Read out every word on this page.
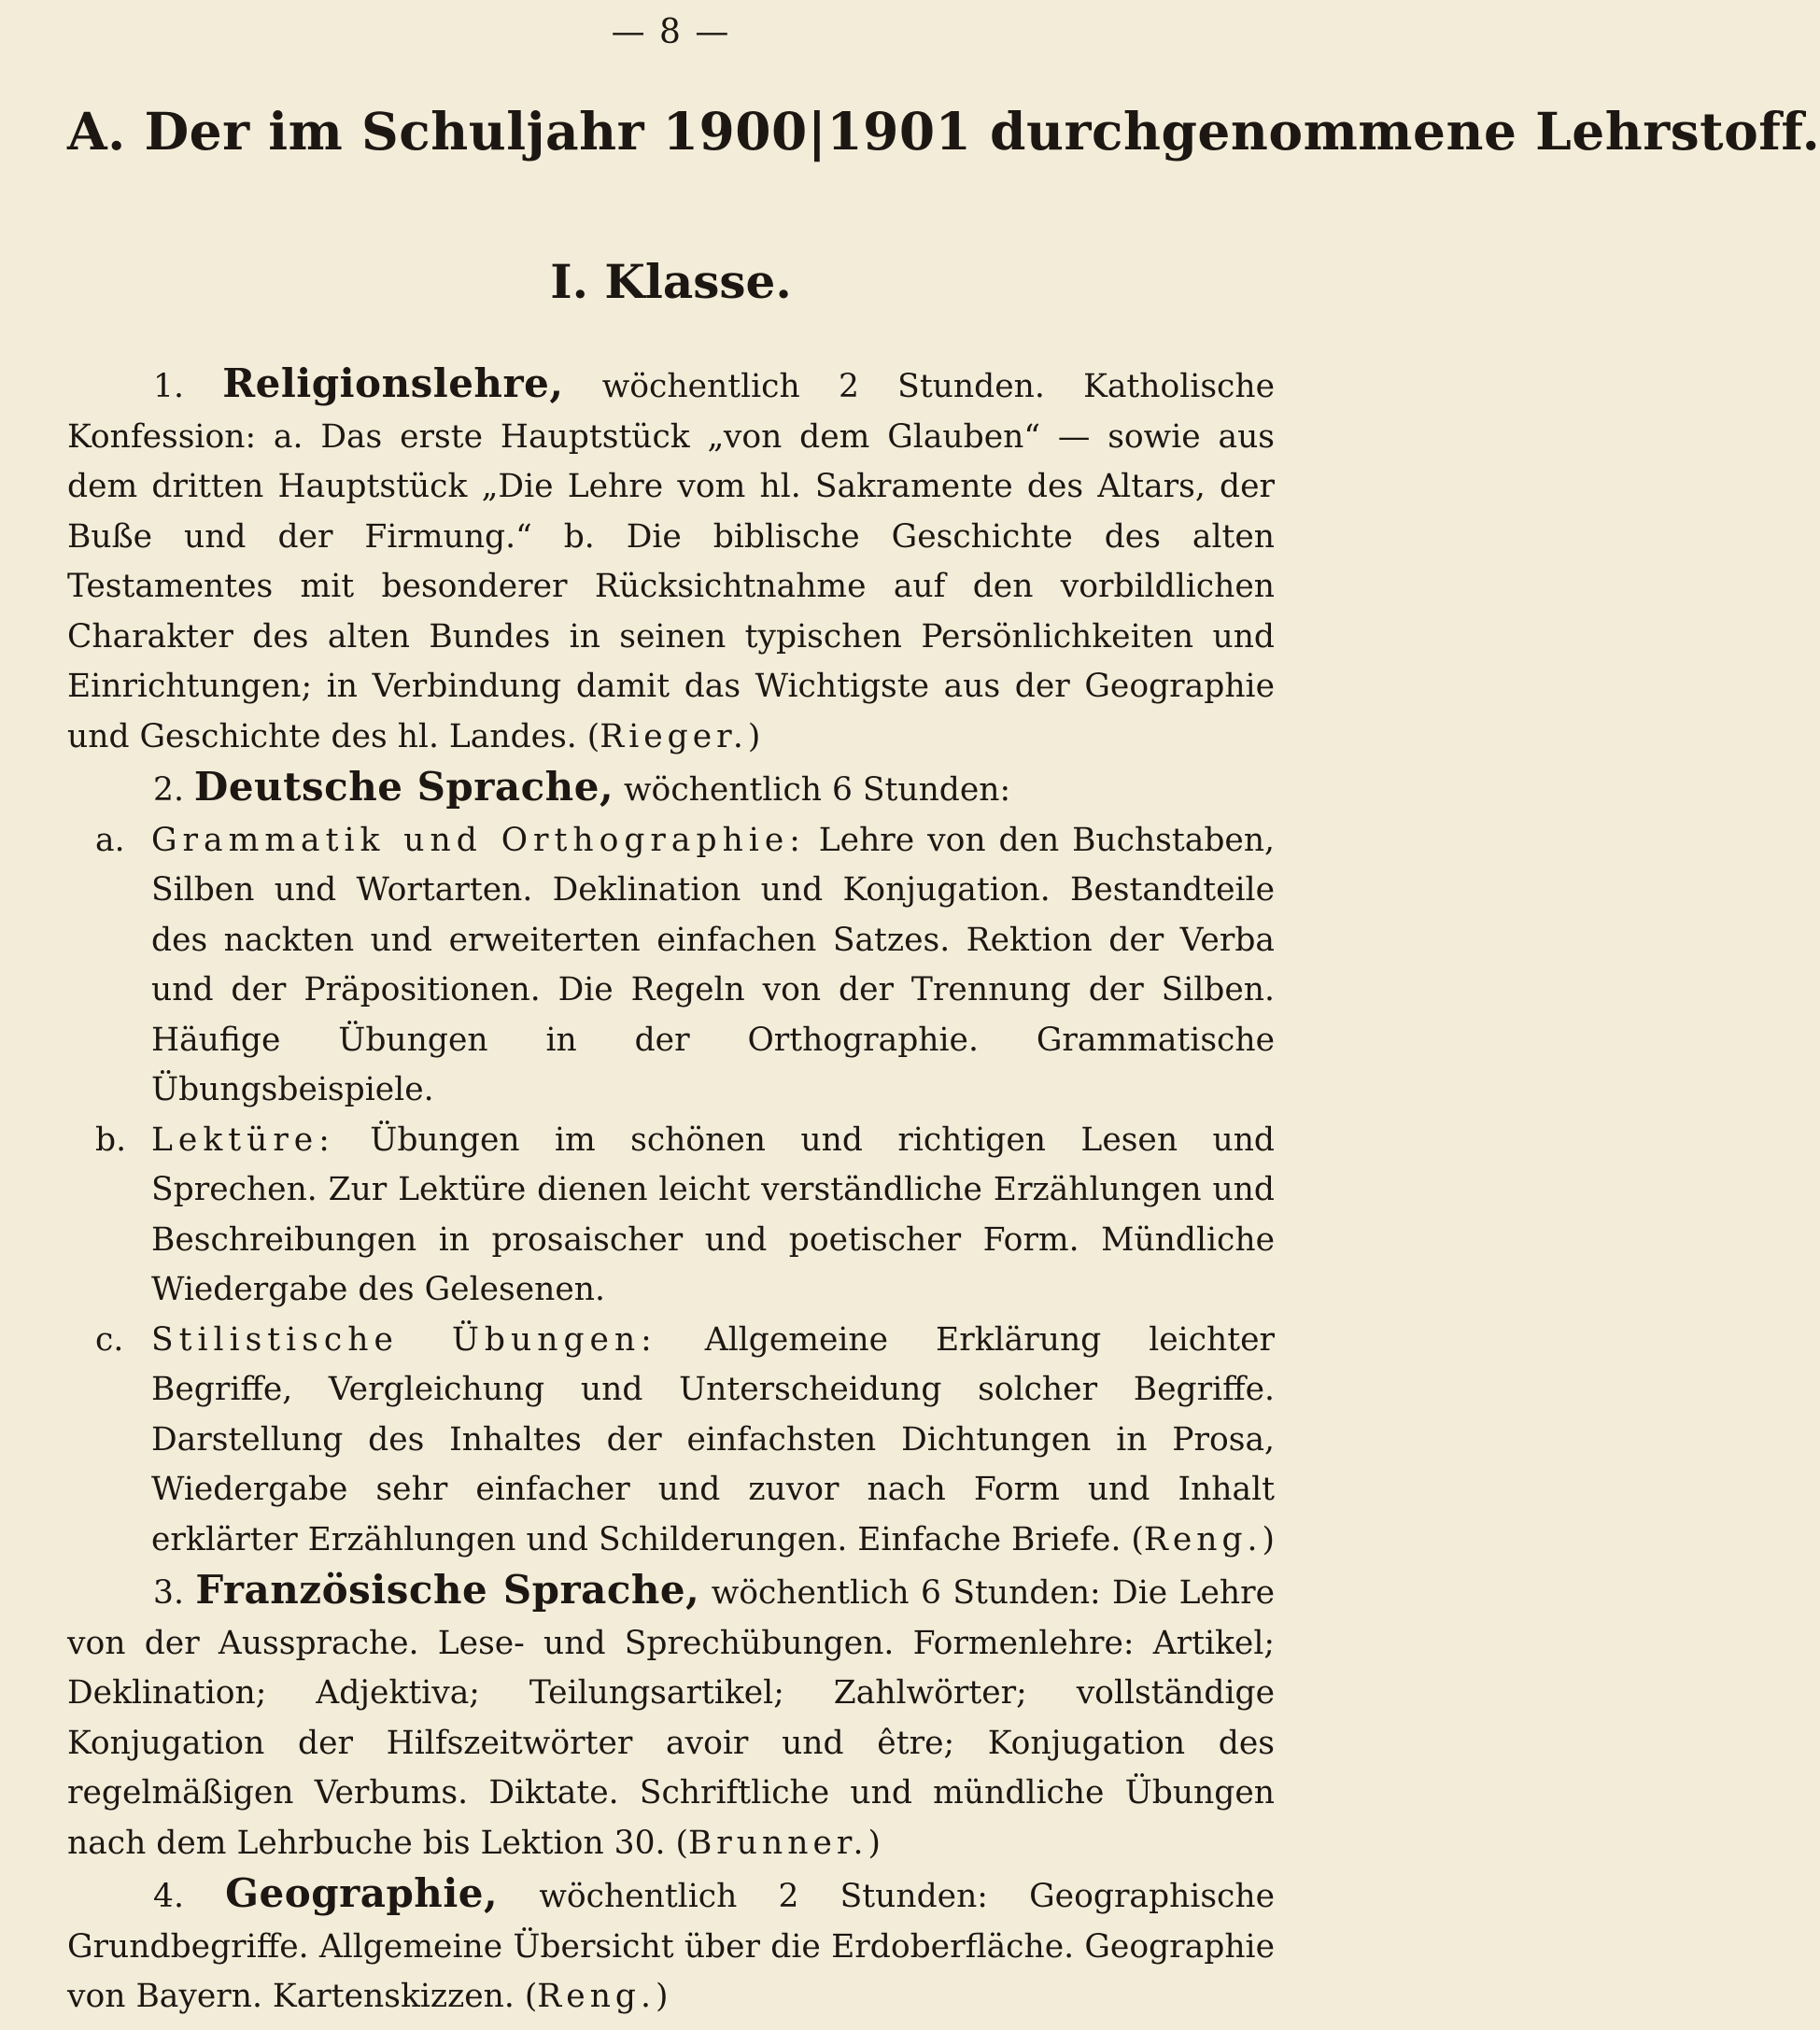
— 8 —
A. Der im Schuljahr 1900|1901 durchgenommene Lehrstoff.
I. Klasse.

1. Religionslehre, wöchentlich 2 Stunden. Katholische Konfession: a. Das erste Hauptstück „von dem Glauben“ — sowie aus dem dritten Hauptstück „Die Lehre vom hl. Sakramente des Altars, der Buße und der Firmung.“ b. Die biblische Geschichte des alten Testamentes mit besonderer Rücksichtnahme auf den vorbildlichen Charakter des alten Bundes in seinen typischen Persönlichkeiten und Einrichtungen; in Verbindung damit das Wichtigste aus der Geographie und Geschichte des hl. Landes. (Rieger.)

2. Deutsche Sprache, wöchentlich 6 Stunden:

a. Grammatik und Orthographie: Lehre von den Buchstaben, Silben und Wortarten. Deklination und Konjugation. Bestandteile des nackten und erweiterten einfachen Satzes. Rektion der Verba und der Präpositionen. Die Regeln von der Trennung der Silben. Häufige Übungen in der Orthographie. Grammatische Übungsbeispiele.
b. Lektüre: Übungen im schönen und richtigen Lesen und Sprechen. Zur Lektüre dienen leicht verständliche Erzählungen und Beschreibungen in prosaischer und poetischer Form. Mündliche Wiedergabe des Gelesenen.
c. Stilistische Übungen: Allgemeine Erklärung leichter Begriffe, Vergleichung und Unterscheidung solcher Begriffe. Darstellung des Inhaltes der einfachsten Dichtungen in Prosa, Wiedergabe sehr einfacher und zuvor nach Form und Inhalt erklärter Erzählungen und Schilderungen. Einfache Briefe. (Reng.)

3. Französische Sprache, wöchentlich 6 Stunden: Die Lehre von der Aussprache. Lese- und Sprechübungen. Formenlehre: Artikel; Deklination; Adjektiva; Teilungsartikel; Zahlwörter; vollständige Konjugation der Hilfszeitwörter avoir und être; Konjugation des regelmäßigen Verbums. Diktate. Schriftliche und mündliche Übungen nach dem Lehrbuche bis Lektion 30. (Brunner.)

4. Geographie, wöchentlich 2 Stunden: Geographische Grundbegriffe. Allgemeine Übersicht über die Erdoberfläche. Geographie von Bayern. Kartenskizzen. (Reng.)
